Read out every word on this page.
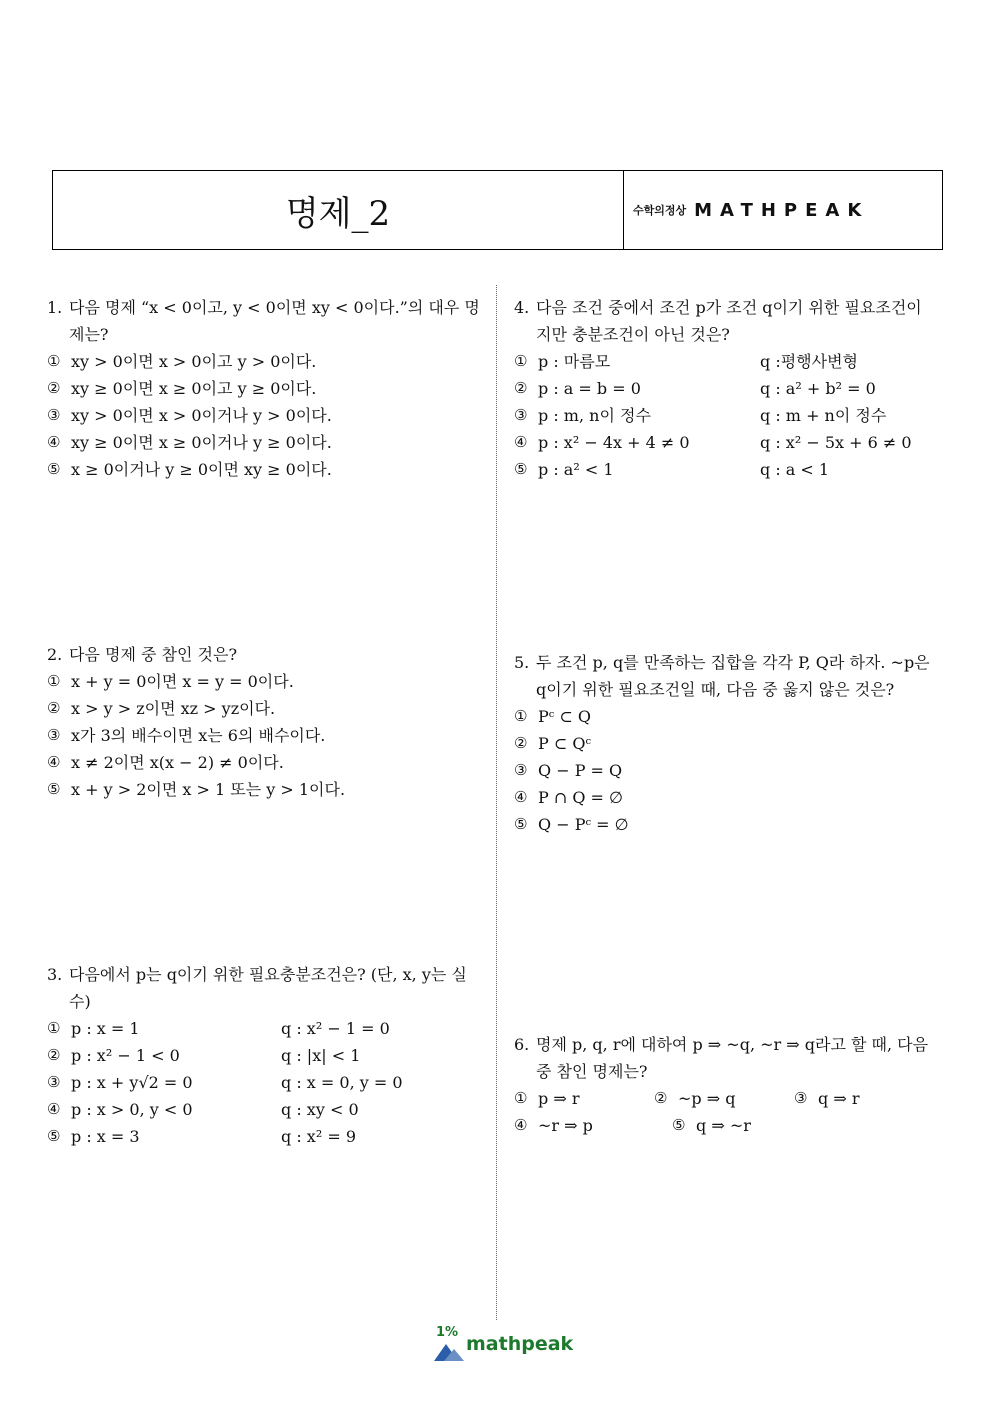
명제_2	수학의정상 MATHPEAK
1. 다음 명제 “x < 0이고, y < 0이면 xy < 0이다.”의 대우 명제는?
① xy > 0이면 x > 0이고 y > 0이다.
② xy ≥ 0이면 x ≥ 0이고 y ≥ 0이다.
③ xy > 0이면 x > 0이거나 y > 0이다.
④ xy ≥ 0이면 x ≥ 0이거나 y ≥ 0이다.
⑤ x ≥ 0이거나 y ≥ 0이면 xy ≥ 0이다.
2. 다음 명제 중 참인 것은?
① x + y = 0이면 x = y = 0이다.
② x > y > z이면 xz > yz이다.
③ x가 3의 배수이면 x는 6의 배수이다.
④ x ≠ 2이면 x(x − 2) ≠ 0이다.
⑤ x + y > 2이면 x > 1 또는 y > 1이다.
3. 다음에서 p는 q이기 위한 필요충분조건은? (단, x, y는 실수)
① p : x = 1	q : x² − 1 = 0
② p : x² − 1 < 0	q : |x| < 1
③ p : x + y√2 = 0	q : x = 0, y = 0
④ p : x > 0, y < 0	q : xy < 0
⑤ p : x = 3	q : x² = 9
4. 다음 조건 중에서 조건 p가 조건 q이기 위한 필요조건이지만 충분조건이 아닌 것은?
① p : 마름모	q :평행사변형
② p : a = b = 0	q : a² + b² = 0
③ p : m, n이 정수	q : m + n이 정수
④ p : x² − 4x + 4 ≠ 0	q : x² − 5x + 6 ≠ 0
⑤ p : a² < 1	q : a < 1
5. 두 조건 p, q를 만족하는 집합을 각각 P, Q라 하자. ~p은 q이기 위한 필요조건일 때, 다음 중 옳지 않은 것은?
① Pᶜ ⊂ Q
② P ⊂ Qᶜ
③ Q − P = Q
④ P ∩ Q = ∅
⑤ Q − Pᶜ = ∅
6. 명제 p, q, r에 대하여 p ⇒ ~q, ~r ⇒ q라고 할 때, 다음 중 참인 명제는?
① p ⇒ r	② ~p ⇒ q	③ q ⇒ r
④ ~r ⇒ p	⑤ q ⇒ ~r
1%
mathpeak
